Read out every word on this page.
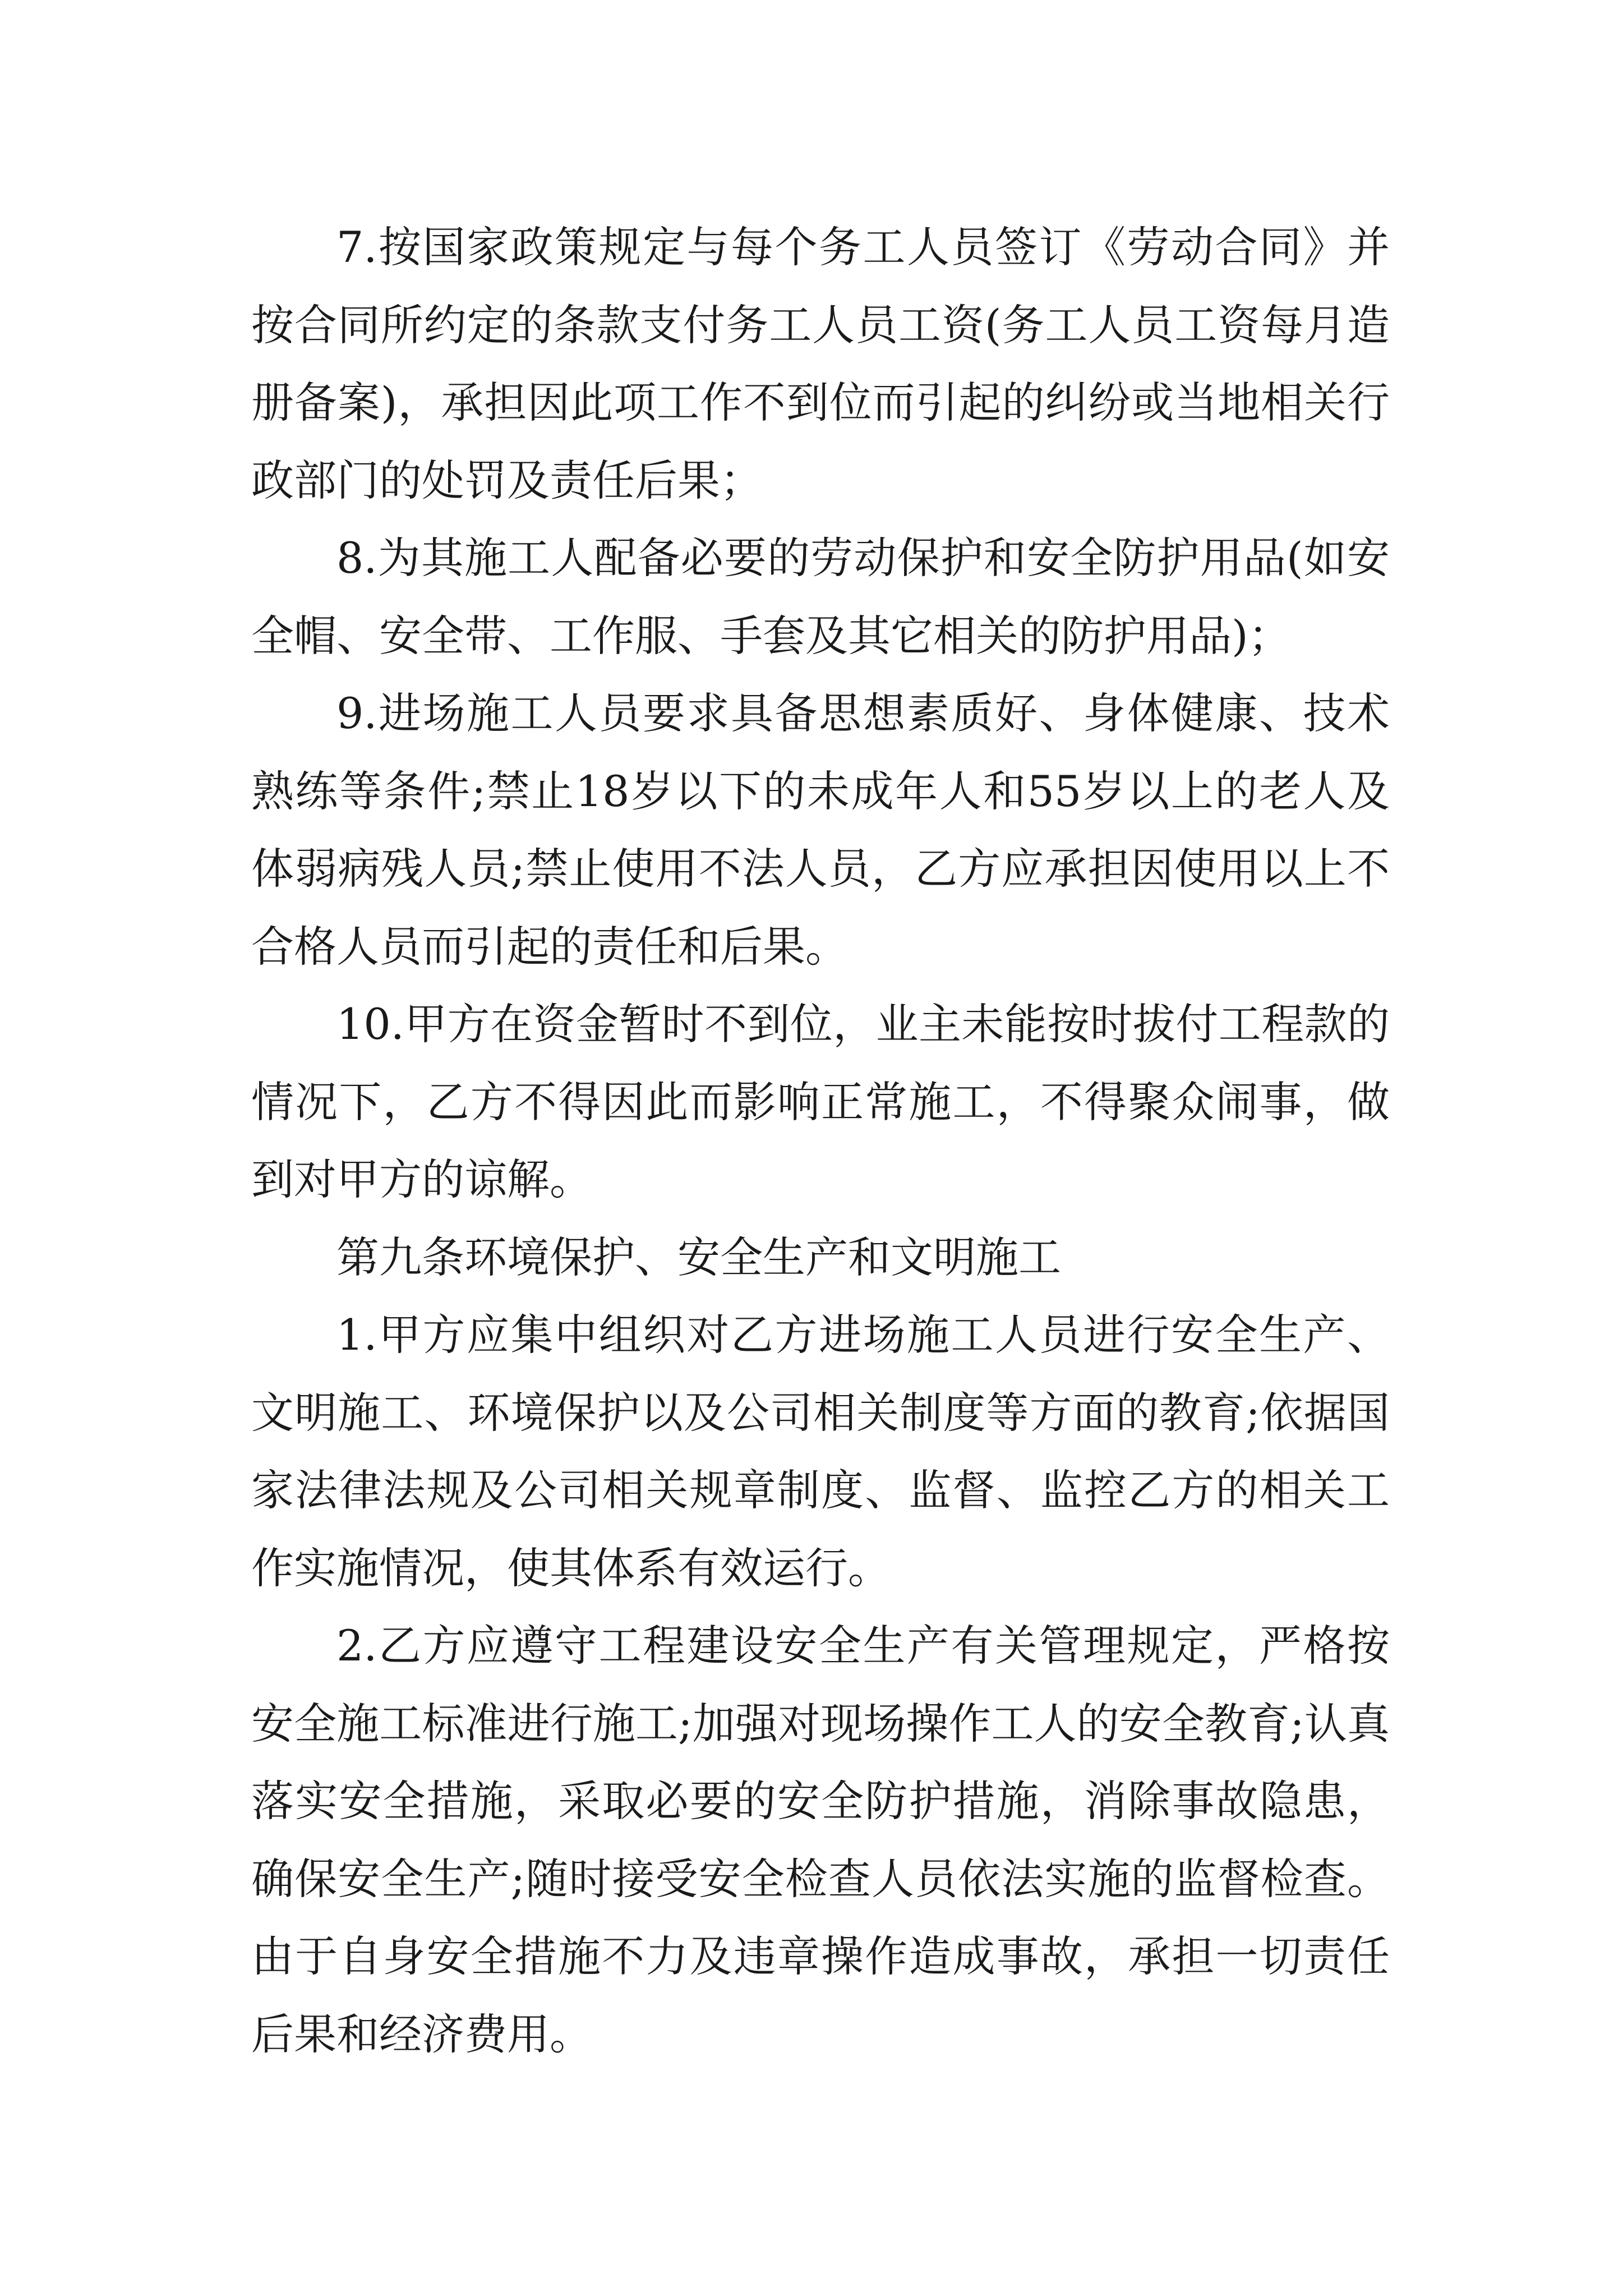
7.按国家政策规定与每个务工人员签订《劳动合同》并按合同所约定的条款支付务工人员工资(务工人员工资每月造册备案)，承担因此项工作不到位而引起的纠纷或当地相关行政部门的处罚及责任后果；

8.为其施工人配备必要的劳动保护和安全防护用品(如安全帽、安全带、工作服、手套及其它相关的防护用品)；

9.进场施工人员要求具备思想素质好、身体健康、技术熟练等条件;禁止18岁以下的未成年人和55岁以上的老人及体弱病残人员;禁止使用不法人员，乙方应承担因使用以上不合格人员而引起的责任和后果。

10.甲方在资金暂时不到位，业主未能按时拔付工程款的情况下，乙方不得因此而影响正常施工，不得聚众闹事，做到对甲方的谅解。

第九条环境保护、安全生产和文明施工

1.甲方应集中组织对乙方进场施工人员进行安全生产、文明施工、环境保护以及公司相关制度等方面的教育;依据国家法律法规及公司相关规章制度、监督、监控乙方的相关工作实施情况，使其体系有效运行。

2.乙方应遵守工程建设安全生产有关管理规定，严格按安全施工标准进行施工;加强对现场操作工人的安全教育;认真落实安全措施，采取必要的安全防护措施，消除事故隐患，确保安全生产;随时接受安全检查人员依法实施的监督检查。由于自身安全措施不力及违章操作造成事故，承担一切责任后果和经济费用。
